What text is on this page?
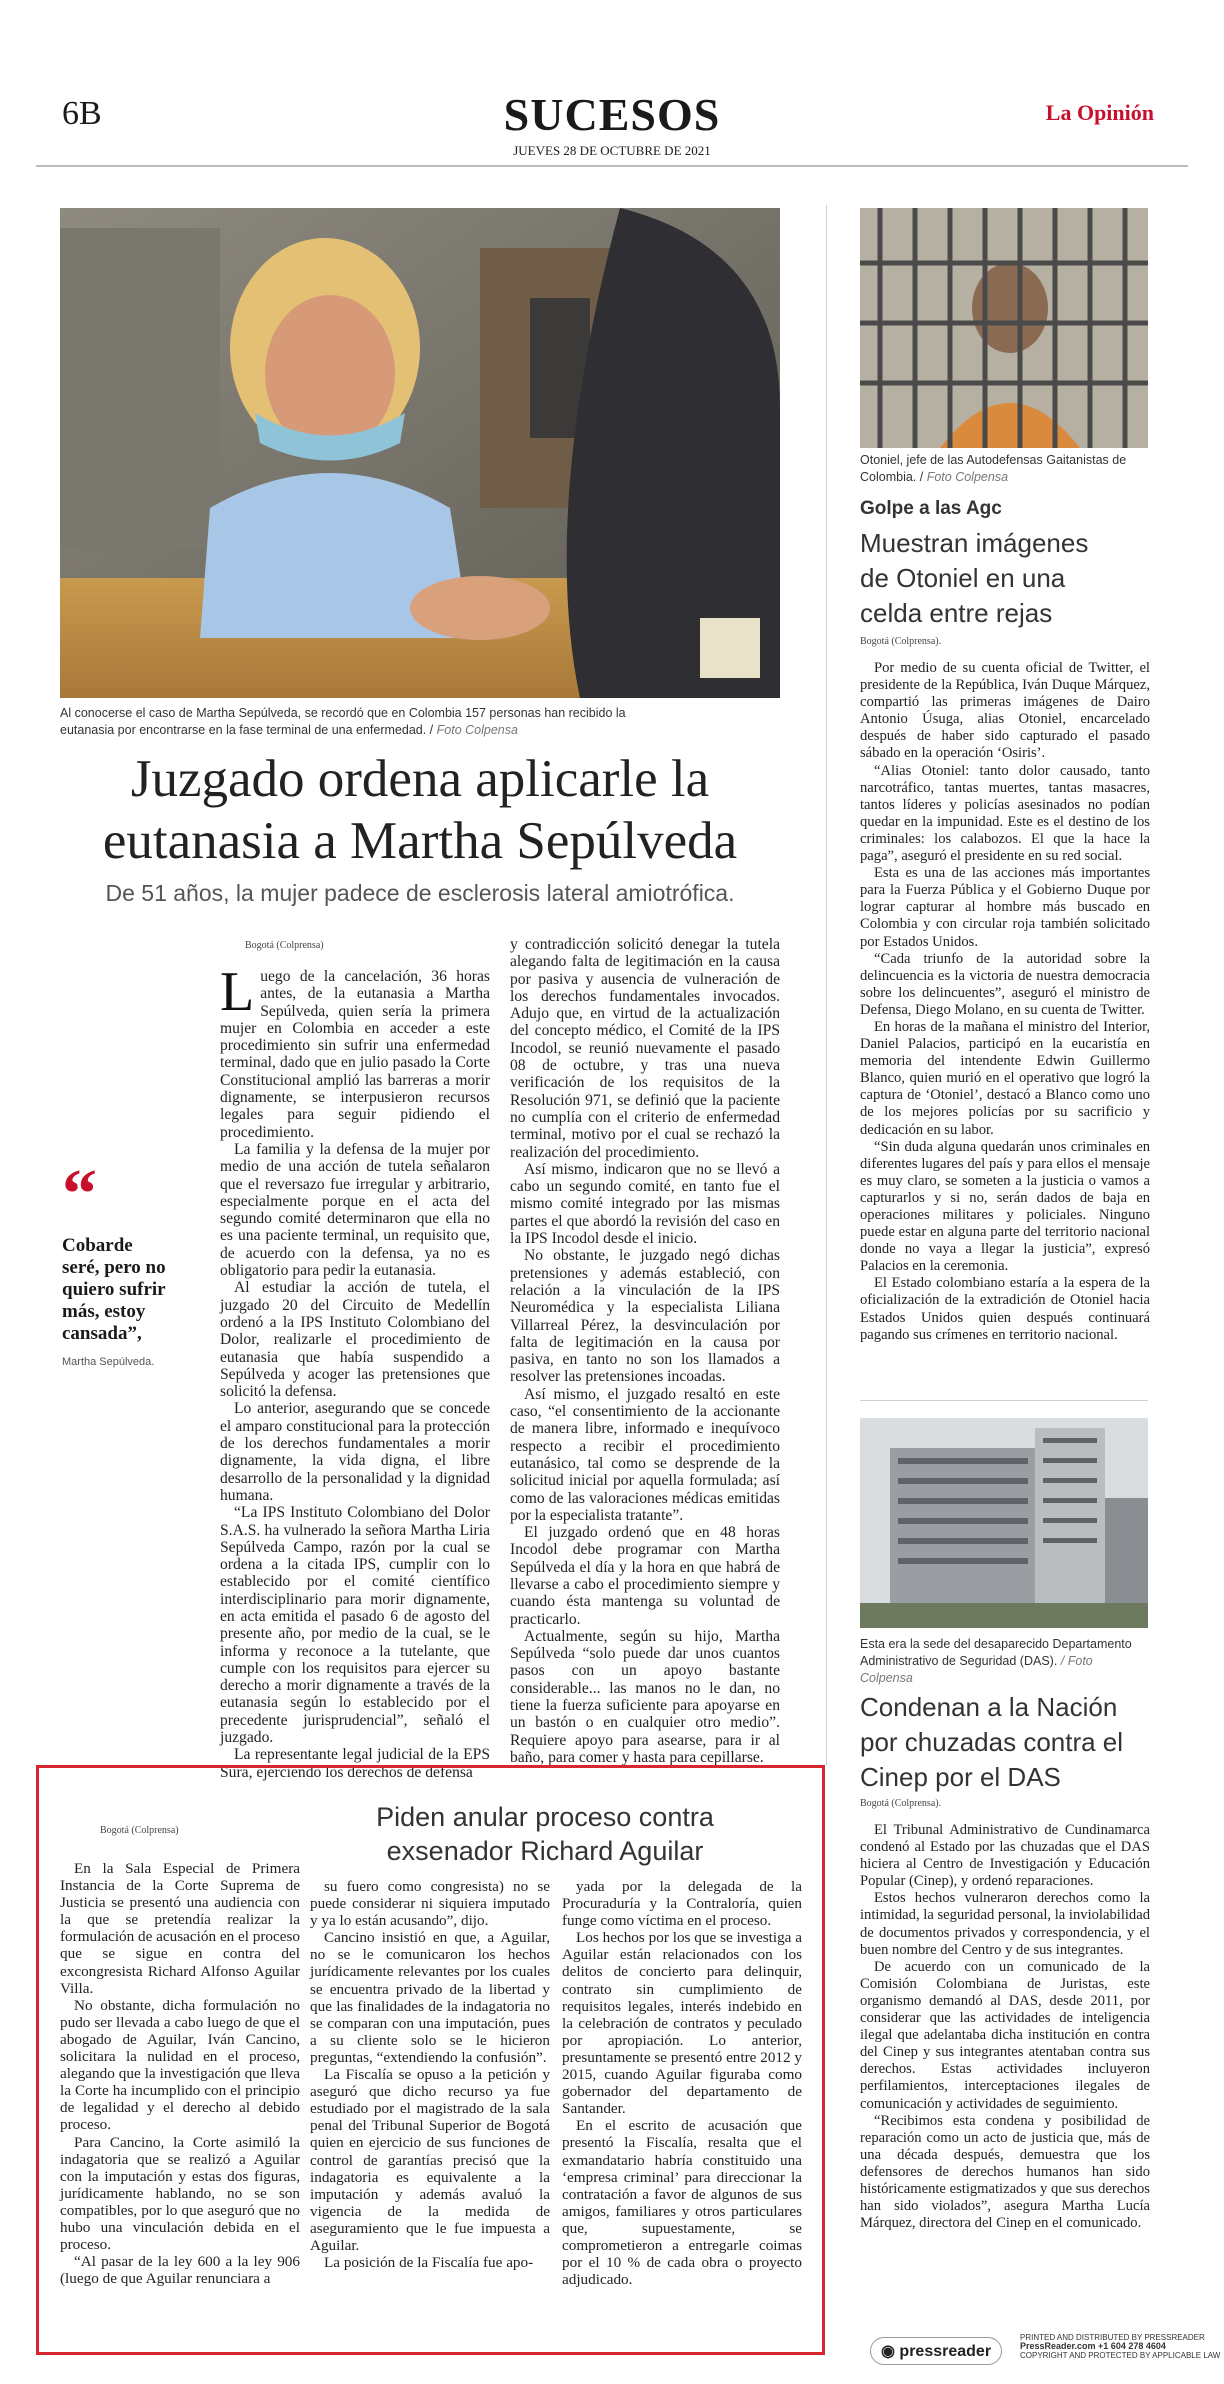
6B	SUCESOS
JUEVES 28 DE OCTUBRE DE 2021
La Opinión
Al conocerse el caso de Martha Sepúlveda, se recordó que en Colombia 157 personas han recibido la eutanasia por encontrarse en la fase terminal de una enfermedad. / Foto Colpensa
Juzgado ordena aplicarle la eutanasia a Martha Sepúlveda
De 51 años, la mujer padece de esclerosis lateral amiotrófica.
“
Cobarde seré, pero no quiero sufrir más, estoy cansada”,
Martha Sepúlveda.
Bogotá (Colprensa)

Luego de la cancelación, 36 horas antes, de la eutanasia a Martha Sepúlveda, quien sería la primera mujer en Colombia en acceder a este procedimiento sin sufrir una enfermedad terminal, dado que en julio pasado la Corte Constitucional amplió las barreras a morir dignamente, se interpusieron recursos legales para seguir pidiendo el procedimiento.

La familia y la defensa de la mujer por medio de una acción de tutela señalaron que el reversazo fue irregular y arbitrario, especialmente porque en el acta del segundo comité determinaron que ella no es una paciente terminal, un requisito que, de acuerdo con la defensa, ya no es obligatorio para pedir la eutanasia.

Al estudiar la acción de tutela, el juzgado 20 del Circuito de Medellín ordenó a la IPS Instituto Colombiano del Dolor, realizarle el procedimiento de eutanasia que había suspendido a Sepúlveda y acoger las pretensiones que solicitó la defensa.

Lo anterior, asegurando que se concede el amparo constitucional para la protección de los derechos fundamentales a morir dignamente, la vida digna, el libre desarrollo de la personalidad y la dignidad humana.

“La IPS Instituto Colombiano del Dolor S.A.S. ha vulnerado la señora Martha Liria Sepúlveda Campo, razón por la cual se ordena a la citada IPS, cumplir con lo establecido por el comité científico interdisciplinario para morir dignamente, en acta emitida el pasado 6 de agosto del presente año, por medio de la cual, se le informa y reconoce a la tutelante, que cumple con los requisitos para ejercer su derecho a morir dignamente a través de la eutanasia según lo establecido por el precedente jurisprudencial”, señaló el juzgado.

La representante legal judicial de la EPS Sura, ejerciendo los derechos de defensa

y contradicción solicitó denegar la tutela alegando falta de legitimación en la causa por pasiva y ausencia de vulneración de los derechos fundamentales invocados. Adujo que, en virtud de la actualización del concepto médico, el Comité de la IPS Incodol, se reunió nuevamente el pasado 08 de octubre, y tras una nueva verificación de los requisitos de la Resolución 971, se definió que la paciente no cumplía con el criterio de enfermedad terminal, motivo por el cual se rechazó la realización del procedimiento.

Así mismo, indicaron que no se llevó a cabo un segundo comité, en tanto fue el mismo comité integrado por las mismas partes el que abordó la revisión del caso en la IPS Incodol desde el inicio.

No obstante, le juzgado negó dichas pretensiones y además estableció, con relación a la vinculación de la IPS Neuromédica y la especialista Liliana Villarreal Pérez, la desvinculación por falta de legitimación en la causa por pasiva, en tanto no son los llamados a resolver las pretensiones incoadas.

Así mismo, el juzgado resaltó en este caso, “el consentimiento de la accionante de manera libre, informado e inequívoco respecto a recibir el procedimiento eutanásico, tal como se desprende de la solicitud inicial por aquella formulada; así como de las valoraciones médicas emitidas por la especialista tratante”.

El juzgado ordenó que en 48 horas Incodol debe programar con Martha Sepúlveda el día y la hora en que habrá de llevarse a cabo el procedimiento siempre y cuando ésta mantenga su voluntad de practicarlo.

Actualmente, según su hijo, Martha Sepúlveda “solo puede dar unos cuantos pasos con un apoyo bastante considerable... las manos no le dan, no tiene la fuerza suficiente para apoyarse en un bastón o en cualquier otro medio”. Requiere apoyo para asearse, para ir al baño, para comer y hasta para cepillarse.

Otoniel, jefe de las Autodefensas Gaitanistas de Colombia. / Foto Colpensa
Golpe a las Agc
Muestran imágenes de Otoniel en una celda entre rejas
Bogotá (Colprensa).

Por medio de su cuenta oficial de Twitter, el presidente de la República, Iván Duque Márquez, compartió las primeras imágenes de Dairo Antonio Úsuga, alias Otoniel, encarcelado después de haber sido capturado el pasado sábado en la operación ‘Osiris’.

“Alias Otoniel: tanto dolor causado, tanto narcotráfico, tantas muertes, tantas masacres, tantos líderes y policías asesinados no podían quedar en la impunidad. Este es el destino de los criminales: los calabozos. El que la hace la paga”, aseguró el presidente en su red social.

Esta es una de las acciones más importantes para la Fuerza Pública y el Gobierno Duque por lograr capturar al hombre más buscado en Colombia y con circular roja también solicitado por Estados Unidos.

“Cada triunfo de la autoridad sobre la delincuencia es la victoria de nuestra democracia sobre los delincuentes”, aseguró el ministro de Defensa, Diego Molano, en su cuenta de Twitter.

En horas de la mañana el ministro del Interior, Daniel Palacios, participó en la eucaristía en memoria del intendente Edwin Guillermo Blanco, quien murió en el operativo que logró la captura de ‘Otoniel’, destacó a Blanco como uno de los mejores policías por su sacrificio y dedicación en su labor.

“Sin duda alguna quedarán unos criminales en diferentes lugares del país y para ellos el mensaje es muy claro, se someten a la justicia o vamos a capturarlos y si no, serán dados de baja en operaciones militares y policiales. Ninguno puede estar en alguna parte del territorio nacional donde no vaya a llegar la justicia”, expresó Palacios en la ceremonia.

El Estado colombiano estaría a la espera de la oficialización de la extradición de Otoniel hacia Estados Unidos quien después continuará pagando sus crímenes en territorio nacional.

Esta era la sede del desaparecido Departamento Administrativo de Seguridad (DAS). / Foto Colpensa
Condenan a la Nación por chuzadas contra el Cinep por el DAS
Bogotá (Colprensa).

El Tribunal Administrativo de Cundinamarca condenó al Estado por las chuzadas que el DAS hiciera al Centro de Investigación y Educación Popular (Cinep), y ordenó reparaciones.

Estos hechos vulneraron derechos como la intimidad, la seguridad personal, la inviolabilidad de documentos privados y correspondencia, y el buen nombre del Centro y de sus integrantes.

De acuerdo con un comunicado de la Comisión Colombiana de Juristas, este organismo demandó al DAS, desde 2011, por considerar que las actividades de inteligencia ilegal que adelantaba dicha institución en contra del Cinep y sus integrantes atentaban contra sus derechos. Estas actividades incluyeron perfilamientos, interceptaciones ilegales de comunicación y actividades de seguimiento.

“Recibimos esta condena y posibilidad de reparación como un acto de justicia que, más de una década después, demuestra que los defensores de derechos humanos han sido históricamente estigmatizados y que sus derechos han sido violados”, asegura Martha Lucía Márquez, directora del Cinep en el comunicado.

Bogotá (Colprensa)	Piden anular proceso contra exsenador Richard Aguilar

En la Sala Especial de Primera Instancia de la Corte Suprema de Justicia se presentó una audiencia con la que se pretendía realizar la formulación de acusación en el proceso que se sigue en contra del excongresista Richard Alfonso Aguilar Villa.

No obstante, dicha formulación no pudo ser llevada a cabo luego de que el abogado de Aguilar, Iván Cancino, solicitara la nulidad en el proceso, alegando que la investigación que lleva la Corte ha incumplido con el principio de legalidad y el derecho al debido proceso.

Para Cancino, la Corte asimiló la indagatoria que se realizó a Aguilar con la imputación y estas dos figuras, jurídicamente hablando, no se son compatibles, por lo que aseguró que no hubo una vinculación debida en el proceso.

“Al pasar de la ley 600 a la ley 906 (luego de que Aguilar renunciara a

su fuero como congresista) no se puede considerar ni siquiera imputado y ya lo están acusando”, dijo.

Cancino insistió en que, a Aguilar, no se le comunicaron los hechos jurídicamente relevantes por los cuales se encuentra privado de la libertad y que las finalidades de la indagatoria no se comparan con una imputación, pues a su cliente solo se le hicieron preguntas, “extendiendo la confusión”.

La Fiscalía se opuso a la petición y aseguró que dicho recurso ya fue estudiado por el magistrado de la sala penal del Tribunal Superior de Bogotá quien en ejercicio de sus funciones de control de garantías precisó que la indagatoria es equivalente a la imputación y además avaluó la vigencia de la medida de aseguramiento que le fue impuesta a Aguilar.

La posición de la Fiscalía fue apo-

yada por la delegada de la Procuraduría y la Contraloría, quien funge como víctima en el proceso.

Los hechos por los que se investiga a Aguilar están relacionados con los delitos de concierto para delinquir, contrato sin cumplimiento de requisitos legales, interés indebido en la celebración de contratos y peculado por apropiación. Lo anterior, presuntamente se presentó entre 2012 y 2015, cuando Aguilar figuraba como gobernador del departamento de Santander.

En el escrito de acusación que presentó la Fiscalía, resalta que el exmandatario habría constituido una ‘empresa criminal’ para direccionar la contratación a favor de algunos de sus amigos, familiares y otros particulares que, supuestamente, se comprometieron a entregarle coimas por el 10 % de cada obra o proyecto adjudicado.

◉ pressreader
PRINTED AND DISTRIBUTED BY PRESSREADER
PressReader.com +1 604 278 4604
COPYRIGHT AND PROTECTED BY APPLICABLE LAW
